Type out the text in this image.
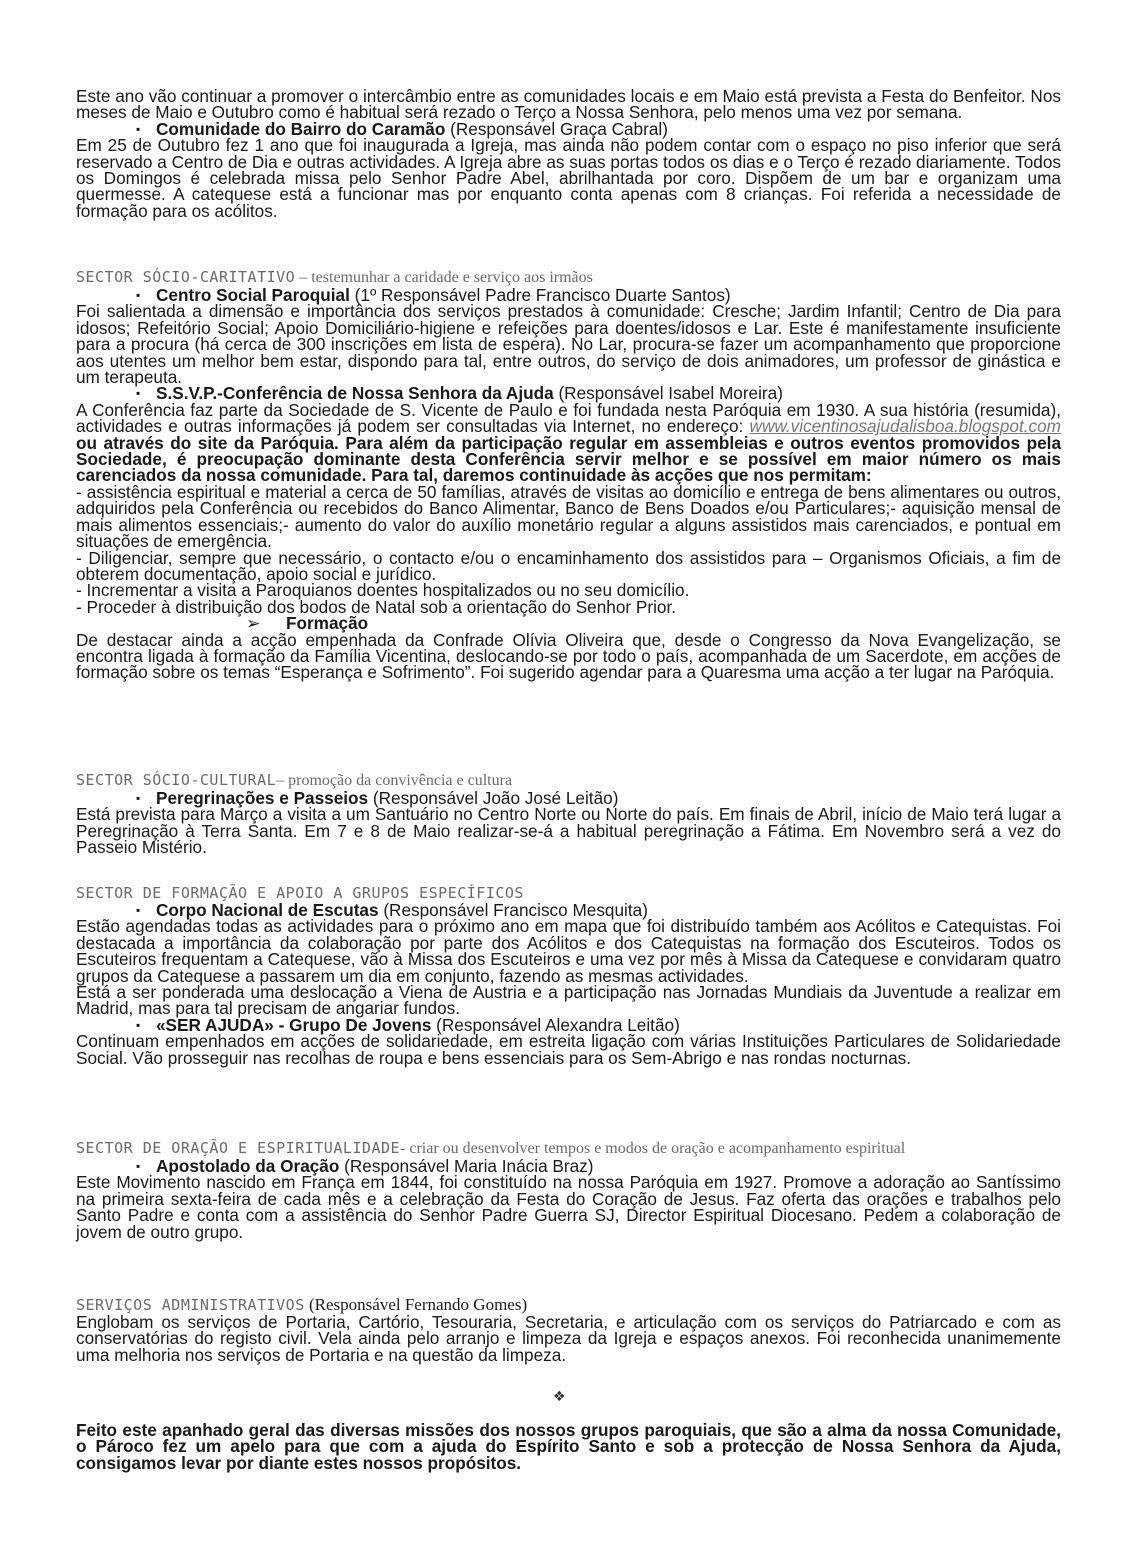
Este ano vão continuar a promover o intercâmbio entre as comunidades locais e em Maio está prevista a Festa do Benfeitor. Nos meses de Maio e Outubro como é habitual será rezado o Terço a Nossa Senhora, pelo menos uma vez por semana.

▪ Comunidade do Bairro do Caramão (Responsável Graça Cabral)

Em 25 de Outubro fez 1 ano que foi inaugurada a Igreja, mas ainda não podem contar com o espaço no piso inferior que será reservado a Centro de Dia e outras actividades. A Igreja abre as suas portas todos os dias e o Terço é rezado diariamente. Todos os Domingos é celebrada missa pelo Senhor Padre Abel, abrilhantada por coro. Dispõem de um bar e organizam uma quermesse. A catequese está a funcionar mas por enquanto conta apenas com 8 crianças. Foi referida a necessidade de formação para os acólitos.

SECTOR SÓCIO-CARITATIVO – testemunhar a caridade e serviço aos irmãos

▪ Centro Social Paroquial (1º Responsável Padre Francisco Duarte Santos)

Foi salientada a dimensão e importância dos serviços prestados à comunidade: Cresche; Jardim Infantil; Centro de Dia para idosos; Refeitório Social; Apoio Domiciliário-higiene e refeições para doentes/idosos e Lar. Este é manifestamente insuficiente para a procura (há cerca de 300 inscrições em lista de espera). No Lar, procura-se fazer um acompanhamento que proporcione aos utentes um melhor bem estar, dispondo para tal, entre outros, do serviço de dois animadores, um professor de ginástica e um terapeuta.

▪ S.S.V.P.-Conferência de Nossa Senhora da Ajuda (Responsável Isabel Moreira)

A Conferência faz parte da Sociedade de S. Vicente de Paulo e foi fundada nesta Paróquia em 1930. A sua história (resumida), actividades e outras informações já podem ser consultadas via Internet, no endereço: www.vicentinosajudalisboa.blogspot.com ou através do site da Paróquia. Para além da participação regular em assembleias e outros eventos promovidos pela Sociedade, é preocupação dominante desta Conferência servir melhor e se possível em maior número os mais carenciados da nossa comunidade. Para tal, daremos continuidade às acções que nos permitam:

- assistência espiritual e material a cerca de 50 famílias, através de visitas ao domicílio e entrega de bens alimentares ou outros, adquiridos pela Conferência ou recebidos do Banco Alimentar, Banco de Bens Doados e/ou Particulares;- aquisição mensal de mais alimentos essenciais;- aumento do valor do auxílio monetário regular a alguns assistidos mais carenciados, e pontual em situações de emergência.

- Diligenciar, sempre que necessário, o contacto e/ou o encaminhamento dos assistidos para – Organismos Oficiais, a fim de obterem documentação, apoio social e jurídico.

- Incrementar a visita a Paroquianos doentes hospitalizados ou no seu domicílio.

- Proceder à distribuição dos bodos de Natal sob a orientação do Senhor Prior.

➢ Formação

De destacar ainda a acção empenhada da Confrade Olívia Oliveira que, desde o Congresso da Nova Evangelização, se encontra ligada à formação da Família Vicentina, deslocando-se por todo o país, acompanhada de um Sacerdote, em acções de formação sobre os temas “Esperança e Sofrimento”. Foi sugerido agendar para a Quaresma uma acção a ter lugar na Paróquia.

SECTOR SÓCIO-CULTURAL– promoção da convivência e cultura

▪ Peregrinações e Passeios (Responsável João José Leitão)

Está prevista para Março a visita a um Santuário no Centro Norte ou Norte do país. Em finais de Abril, início de Maio terá lugar a Peregrinação à Terra Santa. Em 7 e 8 de Maio realizar-se-á a habitual peregrinação a Fátima. Em Novembro será a vez do Passeio Mistério.

SECTOR DE FORMAÇÃO E APOIO A GRUPOS ESPECÍFICOS

▪ Corpo Nacional de Escutas (Responsável Francisco Mesquita)

Estão agendadas todas as actividades para o próximo ano em mapa que foi distribuído também aos Acólitos e Catequistas. Foi destacada a importância da colaboração por parte dos Acólitos e dos Catequistas na formação dos Escuteiros. Todos os Escuteiros frequentam a Catequese, vão à Missa dos Escuteiros e uma vez por mês à Missa da Catequese e convidaram quatro grupos da Catequese a passarem um dia em conjunto, fazendo as mesmas actividades.

Está a ser ponderada uma deslocação a Viena de Austria e a participação nas Jornadas Mundiais da Juventude a realizar em Madrid, mas para tal precisam de angariar fundos.

▪ «SER AJUDA» - Grupo De Jovens (Responsável Alexandra Leitão)

Continuam empenhados em acções de solidariedade, em estreita ligação com várias Instituições Particulares de Solidariedade Social. Vão prosseguir nas recolhas de roupa e bens essenciais para os Sem-Abrigo e nas rondas nocturnas.

SECTOR DE ORAÇÃO E ESPIRITUALIDADE- criar ou desenvolver tempos e modos de oração e acompanhamento espiritual

▪ Apostolado da Oração (Responsável Maria Inácia Braz)

Este Movimento nascido em França em 1844, foi constituído na nossa Paróquia em 1927. Promove a adoração ao Santíssimo na primeira sexta-feira de cada mês e a celebração da Festa do Coração de Jesus. Faz oferta das orações e trabalhos pelo Santo Padre e conta com a assistência do Senhor Padre Guerra SJ, Director Espiritual Diocesano. Pedem a colaboração de jovem de outro grupo.

SERVIÇOS ADMINISTRATIVOS (Responsável Fernando Gomes)

Englobam os serviços de Portaria, Cartório, Tesouraria, Secretaria, e articulação com os serviços do Patriarcado e com as conservatórias do registo civil. Vela ainda pelo arranjo e limpeza da Igreja e espaços anexos. Foi reconhecida unanimemente uma melhoria nos serviços de Portaria e na questão da limpeza.

❖

Feito este apanhado geral das diversas missões dos nossos grupos paroquiais, que são a alma da nossa Comunidade, o Pároco fez um apelo para que com a ajuda do Espírito Santo e sob a protecção de Nossa Senhora da Ajuda, consigamos levar por diante estes nossos propósitos.
